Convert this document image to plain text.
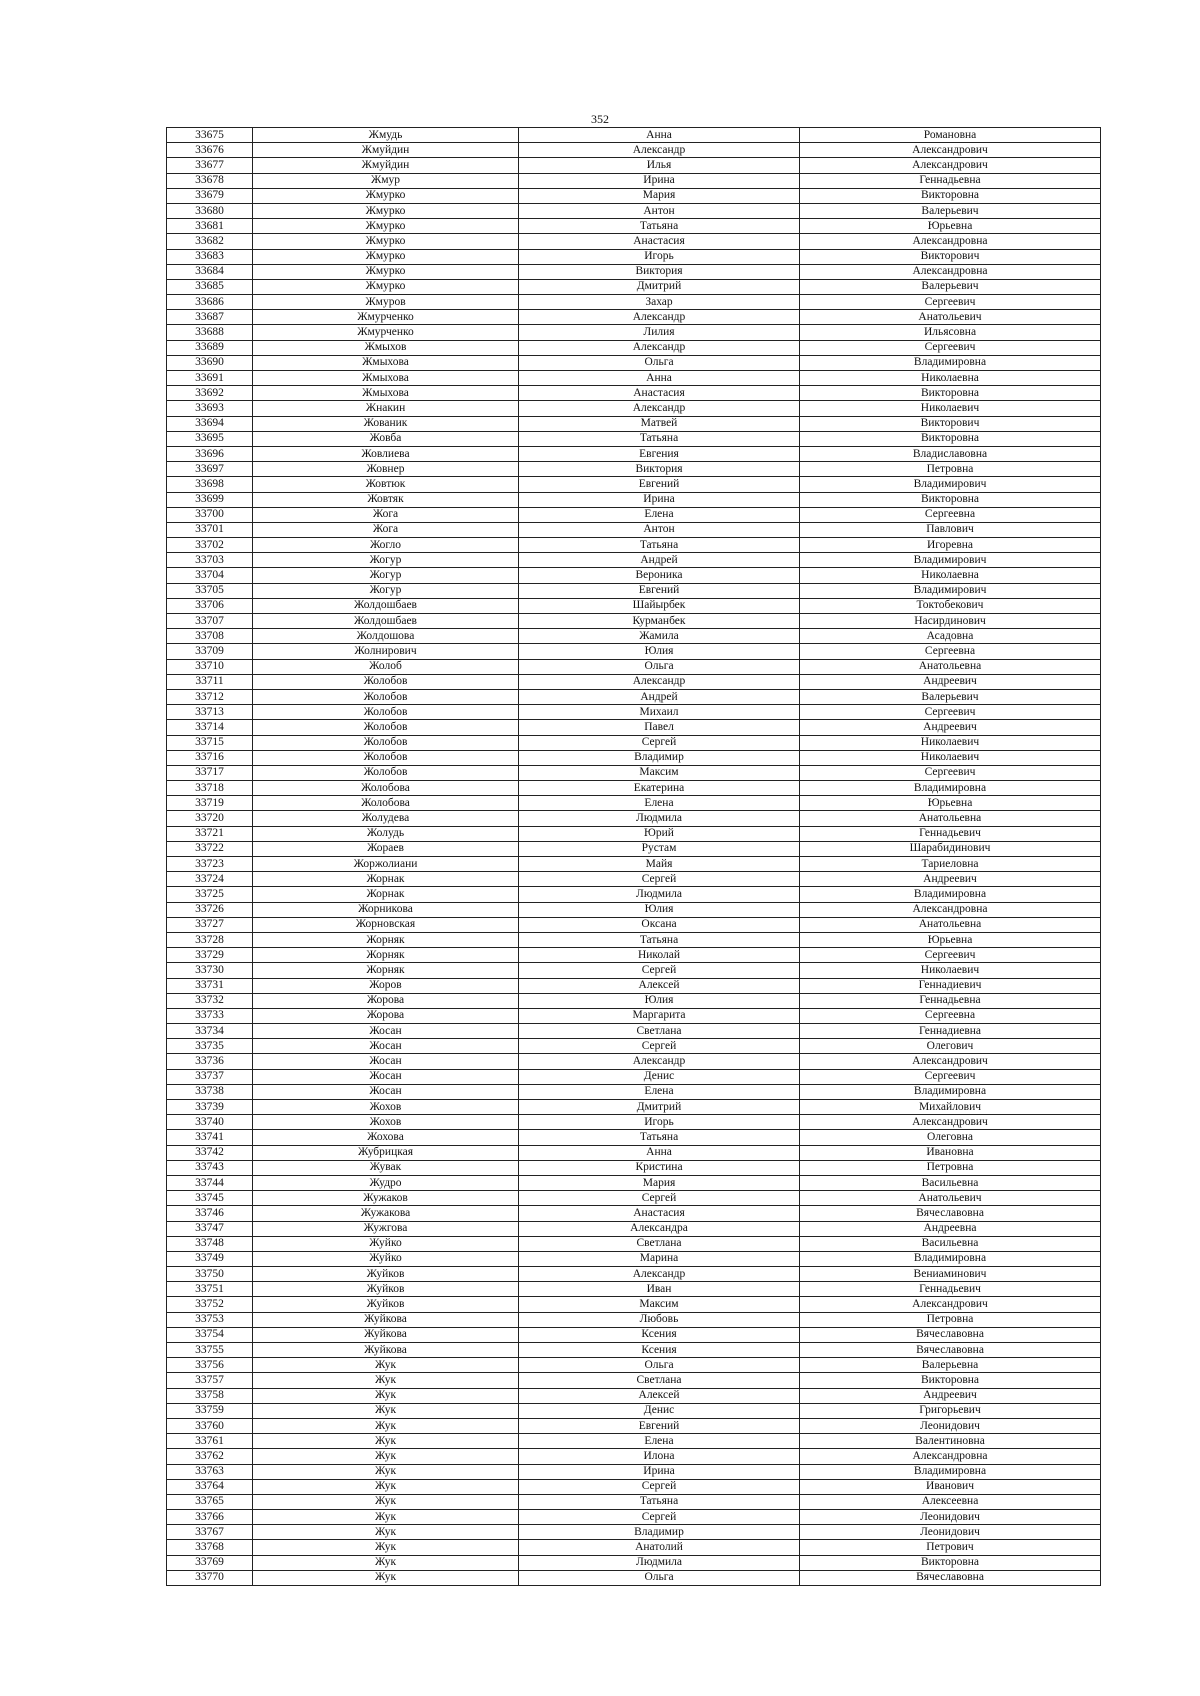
352
33675	Жмудь	Анна	Романовна
33676	Жмуйдин	Александр	Александрович
33677	Жмуйдин	Илья	Александрович
33678	Жмур	Ирина	Геннадьевна
33679	Жмурко	Мария	Викторовна
33680	Жмурко	Антон	Валерьевич
33681	Жмурко	Татьяна	Юрьевна
33682	Жмурко	Анастасия	Александровна
33683	Жмурко	Игорь	Викторович
33684	Жмурко	Виктория	Александровна
33685	Жмурко	Дмитрий	Валерьевич
33686	Жмуров	Захар	Сергеевич
33687	Жмурченко	Александр	Анатольевич
33688	Жмурченко	Лилия	Ильясовна
33689	Жмыхов	Александр	Сергеевич
33690	Жмыхова	Ольга	Владимировна
33691	Жмыхова	Анна	Николаевна
33692	Жмыхова	Анастасия	Викторовна
33693	Жнакин	Александр	Николаевич
33694	Жованик	Матвей	Викторович
33695	Жовба	Татьяна	Викторовна
33696	Жовлиева	Евгения	Владиславовна
33697	Жовнер	Виктория	Петровна
33698	Жовтюк	Евгений	Владимирович
33699	Жовтяк	Ирина	Викторовна
33700	Жога	Елена	Сергеевна
33701	Жога	Антон	Павлович
33702	Жогло	Татьяна	Игоревна
33703	Жогур	Андрей	Владимирович
33704	Жогур	Вероника	Николаевна
33705	Жогур	Евгений	Владимирович
33706	Жолдошбаев	Шайырбек	Токтобекович
33707	Жолдошбаев	Курманбек	Насирдинович
33708	Жолдошова	Жамила	Асадовна
33709	Жолнирович	Юлия	Сергеевна
33710	Жолоб	Ольга	Анатольевна
33711	Жолобов	Александр	Андреевич
33712	Жолобов	Андрей	Валерьевич
33713	Жолобов	Михаил	Сергеевич
33714	Жолобов	Павел	Андреевич
33715	Жолобов	Сергей	Николаевич
33716	Жолобов	Владимир	Николаевич
33717	Жолобов	Максим	Сергеевич
33718	Жолобова	Екатерина	Владимировна
33719	Жолобова	Елена	Юрьевна
33720	Жолудева	Людмила	Анатольевна
33721	Жолудь	Юрий	Геннадьевич
33722	Жораев	Рустам	Шарабидинович
33723	Жоржолиани	Майя	Тариеловна
33724	Жорнак	Сергей	Андреевич
33725	Жорнак	Людмила	Владимировна
33726	Жорникова	Юлия	Александровна
33727	Жорновская	Оксана	Анатольевна
33728	Жорняк	Татьяна	Юрьевна
33729	Жорняк	Николай	Сергеевич
33730	Жорняк	Сергей	Николаевич
33731	Жоров	Алексей	Геннадиевич
33732	Жорова	Юлия	Геннадьевна
33733	Жорова	Маргарита	Сергеевна
33734	Жосан	Светлана	Геннадиевна
33735	Жосан	Сергей	Олегович
33736	Жосан	Александр	Александрович
33737	Жосан	Денис	Сергеевич
33738	Жосан	Елена	Владимировна
33739	Жохов	Дмитрий	Михайлович
33740	Жохов	Игорь	Александрович
33741	Жохова	Татьяна	Олеговна
33742	Жубрицкая	Анна	Ивановна
33743	Жувак	Кристина	Петровна
33744	Жудро	Мария	Васильевна
33745	Жужаков	Сергей	Анатольевич
33746	Жужакова	Анастасия	Вячеславовна
33747	Жужгова	Александра	Андреевна
33748	Жуйко	Светлана	Васильевна
33749	Жуйко	Марина	Владимировна
33750	Жуйков	Александр	Вениаминович
33751	Жуйков	Иван	Геннадьевич
33752	Жуйков	Максим	Александрович
33753	Жуйкова	Любовь	Петровна
33754	Жуйкова	Ксения	Вячеславовна
33755	Жуйкова	Ксения	Вячеславовна
33756	Жук	Ольга	Валерьевна
33757	Жук	Светлана	Викторовна
33758	Жук	Алексей	Андреевич
33759	Жук	Денис	Григорьевич
33760	Жук	Евгений	Леонидович
33761	Жук	Елена	Валентиновна
33762	Жук	Илона	Александровна
33763	Жук	Ирина	Владимировна
33764	Жук	Сергей	Иванович
33765	Жук	Татьяна	Алексеевна
33766	Жук	Сергей	Леонидович
33767	Жук	Владимир	Леонидович
33768	Жук	Анатолий	Петрович
33769	Жук	Людмила	Викторовна
33770	Жук	Ольга	Вячеславовна
